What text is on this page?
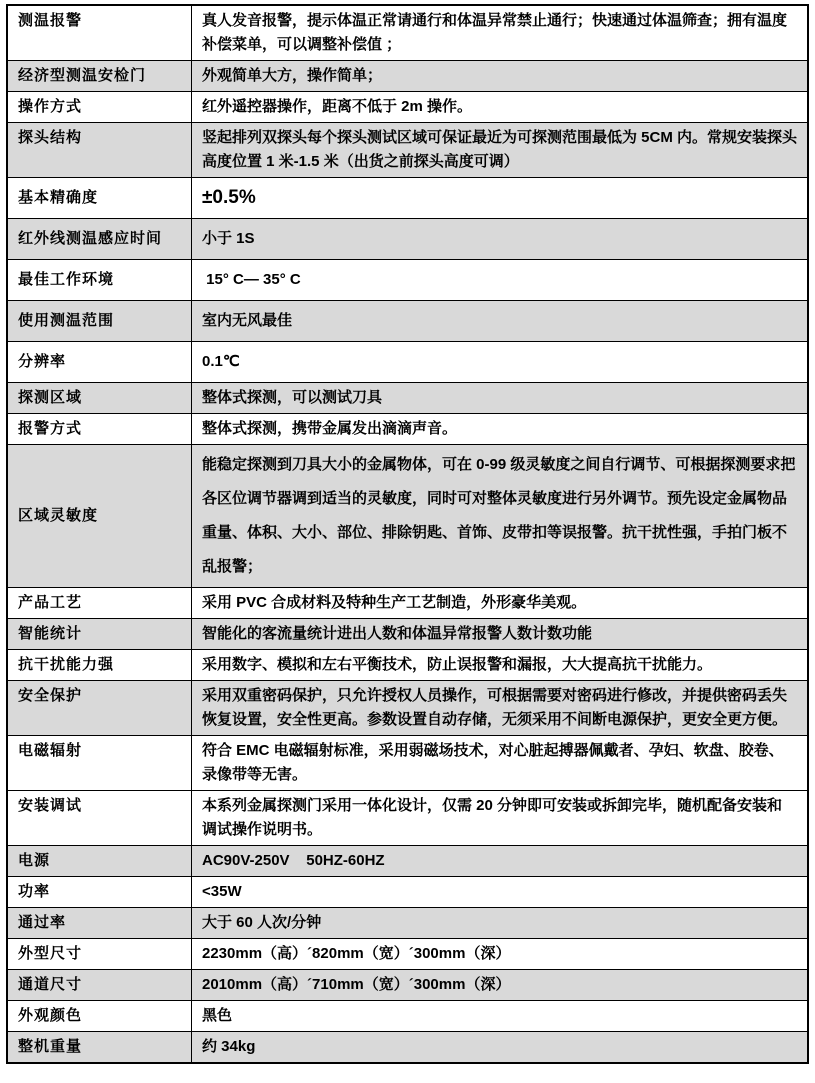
测温报警	真人发音报警，提示体温正常请通行和体温异常禁止通行；快速通过体温筛查；拥有温度补偿菜单，可以调整补偿值 ；
经济型测温安检门	外观简单大方，操作简单；
操作方式	红外遥控器操作，距离不低于 2m 操作。
探头结构	竖起排列双探头每个探头测试区域可保证最近为可探测范围最低为 5CM 内。常规安装探头高度位置 1 米-1.5 米（出货之前探头高度可调）
基本精确度	±0.5%
红外线测温感应时间	小于 1S
最佳工作环境	15° C— 35° C
使用测温范围	室内无风最佳
分辨率	0.1℃
探测区域	整体式探测，可以测试刀具
报警方式	整体式探测，携带金属发出滴滴声音。
区域灵敏度	能稳定探测到刀具大小的金属物体，可在 0-99 级灵敏度之间自行调节、可根据探测要求把各区位调节器调到适当的灵敏度，同时可对整体灵敏度进行另外调节。预先设定金属物品重量、体积、大小、部位、排除钥匙、首饰、皮带扣等误报警。抗干扰性强，手拍门板不乱报警；
产品工艺	采用 PVC 合成材料及特种生产工艺制造，外形豪华美观。
智能统计	智能化的客流量统计进出人数和体温异常报警人数计数功能
抗干扰能力强	采用数字、模拟和左右平衡技术，防止误报警和漏报，大大提高抗干扰能力。
安全保护	采用双重密码保护，只允许授权人员操作，可根据需要对密码进行修改，并提供密码丢失恢复设置，安全性更高。参数设置自动存储，无须采用不间断电源保护，更安全更方便。
电磁辐射	符合 EMC 电磁辐射标准，采用弱磁场技术，对心脏起搏器佩戴者、孕妇、软盘、胶卷、录像带等无害。
安装调试	本系列金属探测门采用一体化设计，仅需 20 分钟即可安装或拆卸完毕，随机配备安装和调试操作说明书。
电源	AC90V-250V    50HZ-60HZ
功率	<35W
通过率	大于 60 人次/分钟
外型尺寸	2230mm（高）´820mm（宽）´300mm（深）
通道尺寸	2010mm（高）´710mm（宽）´300mm（深）
外观颜色	黑色
整机重量	约 34kg
